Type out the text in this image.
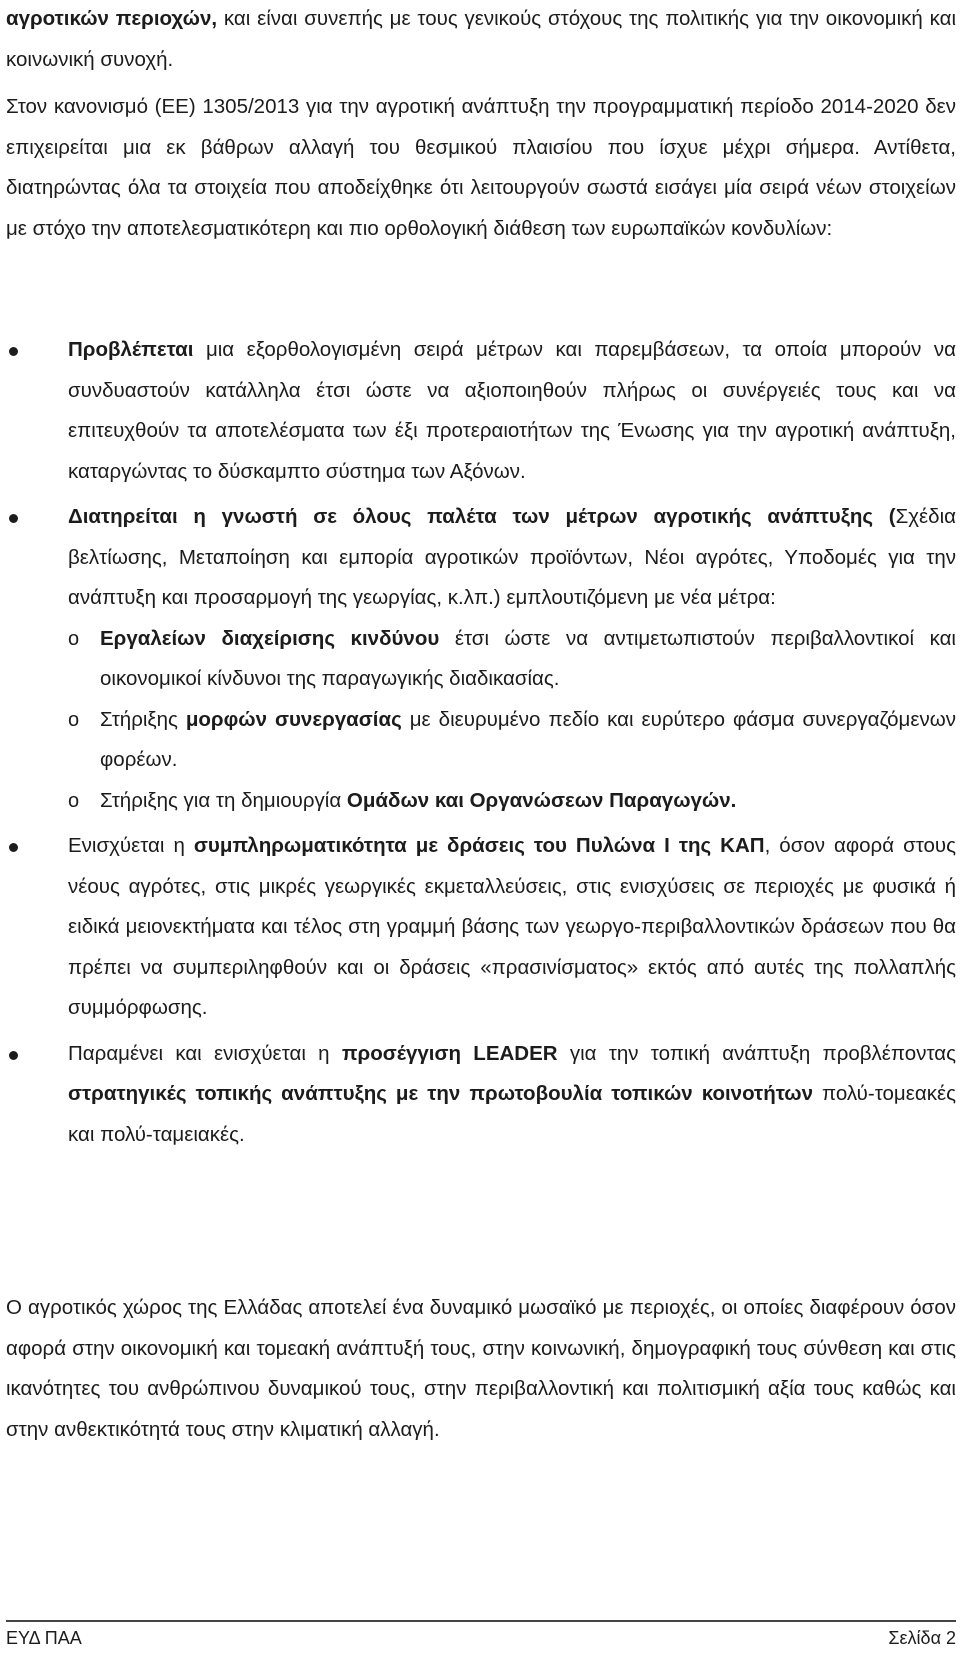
αγροτικών περιοχών, και είναι συνεπής με τους γενικούς στόχους της πολιτικής για την οικονομική και κοινωνική συνοχή.

Στον κανονισμό (ΕΕ) 1305/2013 για την αγροτική ανάπτυξη την προγραμματική περίοδο 2014-2020 δεν επιχειρείται μια εκ βάθρων αλλαγή του θεσμικού πλαισίου που ίσχυε μέχρι σήμερα. Αντίθετα, διατηρώντας όλα τα στοιχεία που αποδείχθηκε ότι λειτουργούν σωστά εισάγει μία σειρά νέων στοιχείων με στόχο την αποτελεσματικότερη και πιο ορθολογική διάθεση των ευρωπαϊκών κονδυλίων:

Προβλέπεται μια εξορθολογισμένη σειρά μέτρων και παρεμβάσεων, τα οποία μπορούν να συνδυαστούν κατάλληλα έτσι ώστε να αξιοποιηθούν πλήρως οι συνέργειές τους και να επιτευχθούν τα αποτελέσματα των έξι προτεραιοτήτων της Ένωσης για την αγροτική ανάπτυξη, καταργώντας το δύσκαμπτο σύστημα των Αξόνων.

Διατηρείται η γνωστή σε όλους παλέτα των μέτρων αγροτικής ανάπτυξης (Σχέδια βελτίωσης, Μεταποίηση και εμπορία αγροτικών προϊόντων, Νέοι αγρότες, Υποδομές για την ανάπτυξη και προσαρμογή της γεωργίας, κ.λπ.) εμπλουτιζόμενη με νέα μέτρα:

o Εργαλείων διαχείρισης κινδύνου έτσι ώστε να αντιμετωπιστούν περιβαλλοντικοί και οικονομικοί κίνδυνοι της παραγωγικής διαδικασίας.

o Στήριξης μορφών συνεργασίας με διευρυμένο πεδίο και ευρύτερο φάσμα συνεργαζόμενων φορέων.

o Στήριξης για τη δημιουργία Ομάδων και Οργανώσεων Παραγωγών.

Ενισχύεται η συμπληρωματικότητα με δράσεις του Πυλώνα Ι της ΚΑΠ, όσον αφορά στους νέους αγρότες, στις μικρές γεωργικές εκμεταλλεύσεις, στις ενισχύσεις σε περιοχές με φυσικά ή ειδικά μειονεκτήματα και τέλος στη γραμμή βάσης των γεωργο-περιβαλλοντικών δράσεων που θα πρέπει να συμπεριληφθούν και οι δράσεις «πρασινίσματος» εκτός από αυτές της πολλαπλής συμμόρφωσης.

Παραμένει και ενισχύεται η προσέγγιση LEADER για την τοπική ανάπτυξη προβλέποντας στρατηγικές τοπικής ανάπτυξης με την πρωτοβουλία τοπικών κοινοτήτων πολύ-τομεακές και πολύ-ταμειακές.

Ο αγροτικός χώρος της Ελλάδας αποτελεί ένα δυναμικό μωσαϊκό με περιοχές, οι οποίες διαφέρουν όσον αφορά στην οικονομική και τομεακή ανάπτυξή τους, στην κοινωνική, δημογραφική τους σύνθεση και στις ικανότητες του ανθρώπινου δυναμικού τους, στην περιβαλλοντική και πολιτισμική αξία τους καθώς και στην ανθεκτικότητά τους στην κλιματική αλλαγή.

ΕΥΔ ΠΑΑ	Σελίδα 2
